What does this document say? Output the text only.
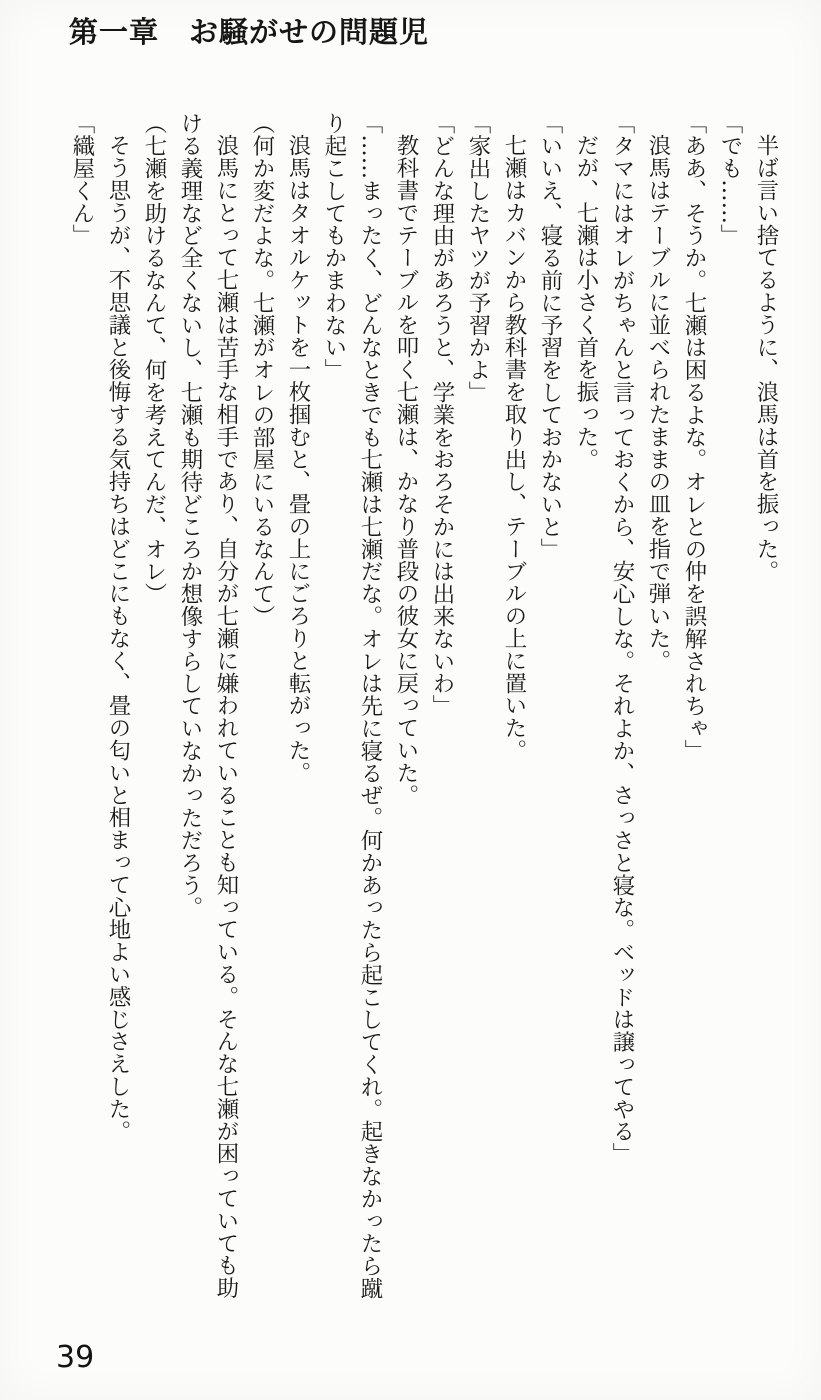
第一章　お騒がせの問題児

半ば言い捨てるように、浪馬は首を振った。

「でも……」

「ああ、そうか。七瀬は困るよな。オレとの仲を誤解されちゃ」

浪馬はテーブルに並べられたままの皿を指で弾いた。

「タマにはオレがちゃんと言っておくから、安心しな。それよか、さっさと寝な。ベッドは譲ってやる」

だが、七瀬は小さく首を振った。

「いいえ、寝る前に予習をしておかないと」

七瀬はカバンから教科書を取り出し、テーブルの上に置いた。

「家出したヤツが予習かよ」

「どんな理由があろうと、学業をおろそかには出来ないわ」

教科書でテーブルを叩く七瀬は、かなり普段の彼女に戻っていた。

「……まったく、どんなときでも七瀬は七瀬だな。オレは先に寝るぜ。何かあったら起こしてくれ。起きなかったら蹴り起こしてもかまわない」

浪馬はタオルケットを一枚掴むと、畳の上にごろりと転がった。

（何か変だよな。七瀬がオレの部屋にいるなんて）

浪馬にとって七瀬は苦手な相手であり、自分が七瀬に嫌われていることも知っている。そんな七瀬が困っていても助ける義理など全くないし、七瀬も期待どころか想像すらしていなかっただろう。

（七瀬を助けるなんて、何を考えてんだ、オレ）

そう思うが、不思議と後悔する気持ちはどこにもなく、畳の匂いと相まって心地よい感じさえした。

「織屋くん」

39
